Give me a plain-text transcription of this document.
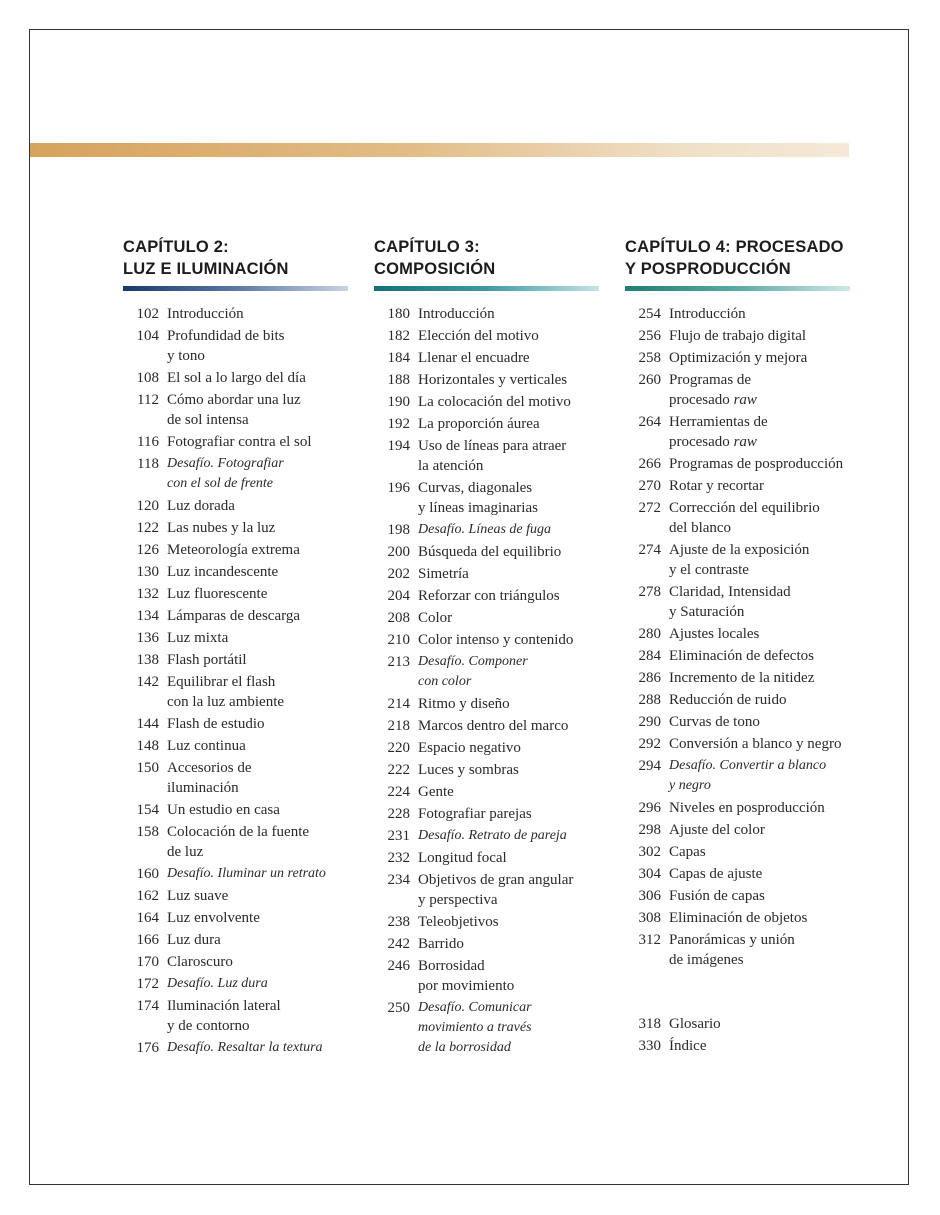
CAPÍTULO 2:
LUZ E ILUMINACIÓN
102 Introducción
104 Profundidad de bits
y tono
108 El sol a lo largo del día
112 Cómo abordar una luz
de sol intensa
116 Fotografiar contra el sol
118 Desafío. Fotografiar
con el sol de frente
120 Luz dorada
122 Las nubes y la luz
126 Meteorología extrema
130 Luz incandescente
132 Luz fluorescente
134 Lámparas de descarga
136 Luz mixta
138 Flash portátil
142 Equilibrar el flash
con la luz ambiente
144 Flash de estudio
148 Luz continua
150 Accesorios de
iluminación
154 Un estudio en casa
158 Colocación de la fuente
de luz
160 Desafío. Iluminar un retrato
162 Luz suave
164 Luz envolvente
166 Luz dura
170 Claroscuro
172 Desafío. Luz dura
174 Iluminación lateral
y de contorno
176 Desafío. Resaltar la textura
CAPÍTULO 3:
COMPOSICIÓN
180 Introducción
182 Elección del motivo
184 Llenar el encuadre
188 Horizontales y verticales
190 La colocación del motivo
192 La proporción áurea
194 Uso de líneas para atraer
la atención
196 Curvas, diagonales
y líneas imaginarias
198 Desafío. Líneas de fuga
200 Búsqueda del equilibrio
202 Simetría
204 Reforzar con triángulos
208 Color
210 Color intenso y contenido
213 Desafío. Componer
con color
214 Ritmo y diseño
218 Marcos dentro del marco
220 Espacio negativo
222 Luces y sombras
224 Gente
228 Fotografiar parejas
231 Desafío. Retrato de pareja
232 Longitud focal
234 Objetivos de gran angular
y perspectiva
238 Teleobjetivos
242 Barrido
246 Borrosidad
por movimiento
250 Desafío. Comunicar
movimiento a través
de la borrosidad
CAPÍTULO 4: PROCESADO
Y POSPRODUCCIÓN
254 Introducción
256 Flujo de trabajo digital
258 Optimización y mejora
260 Programas de
procesado raw
264 Herramientas de
procesado raw
266 Programas de posproducción
270 Rotar y recortar
272 Corrección del equilibrio
del blanco
274 Ajuste de la exposición
y el contraste
278 Claridad, Intensidad
y Saturación
280 Ajustes locales
284 Eliminación de defectos
286 Incremento de la nitidez
288 Reducción de ruido
290 Curvas de tono
292 Conversión a blanco y negro
294 Desafío. Convertir a blanco
y negro
296 Niveles en posproducción
298 Ajuste del color
302 Capas
304 Capas de ajuste
306 Fusión de capas
308 Eliminación de objetos
312 Panorámicas y unión
de imágenes
318 Glosario
330 Índice
